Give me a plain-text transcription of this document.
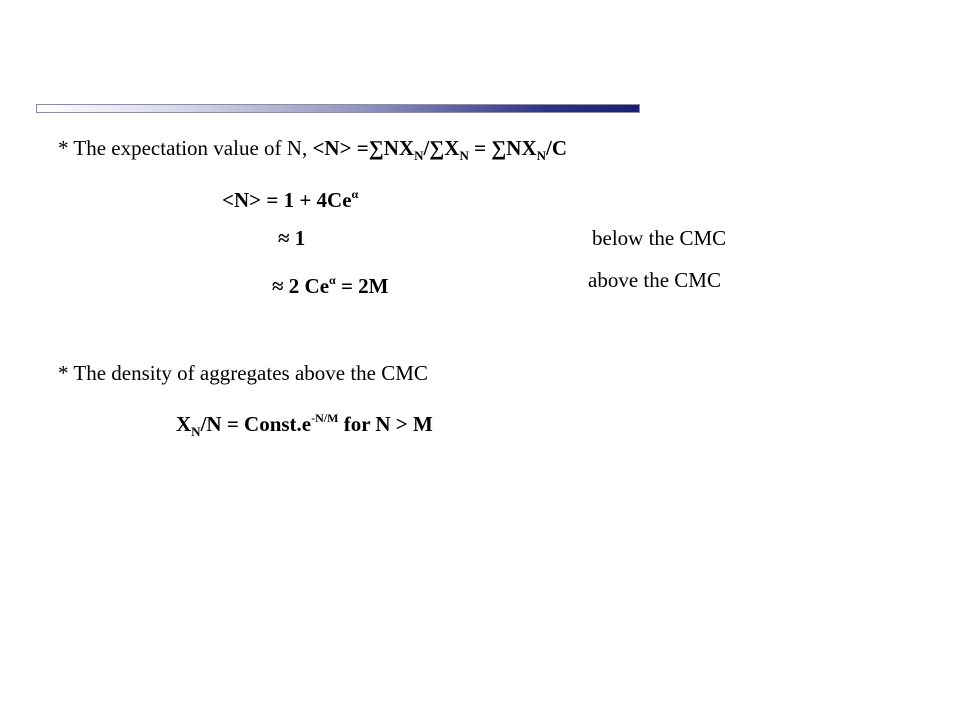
* The expectation value of N, $<N> =\sum NX_N/\sum X_N = \sum NX_N/C$
$<N> = 1 + 4Ce^\alpha$
≈ 1	below the CMC
≈ 2 $Ce^\alpha = 2M$	above the CMC
* The density of aggregates above the CMC
$X_N/N$ = $Const.e^{-N/M}$ for N > M
